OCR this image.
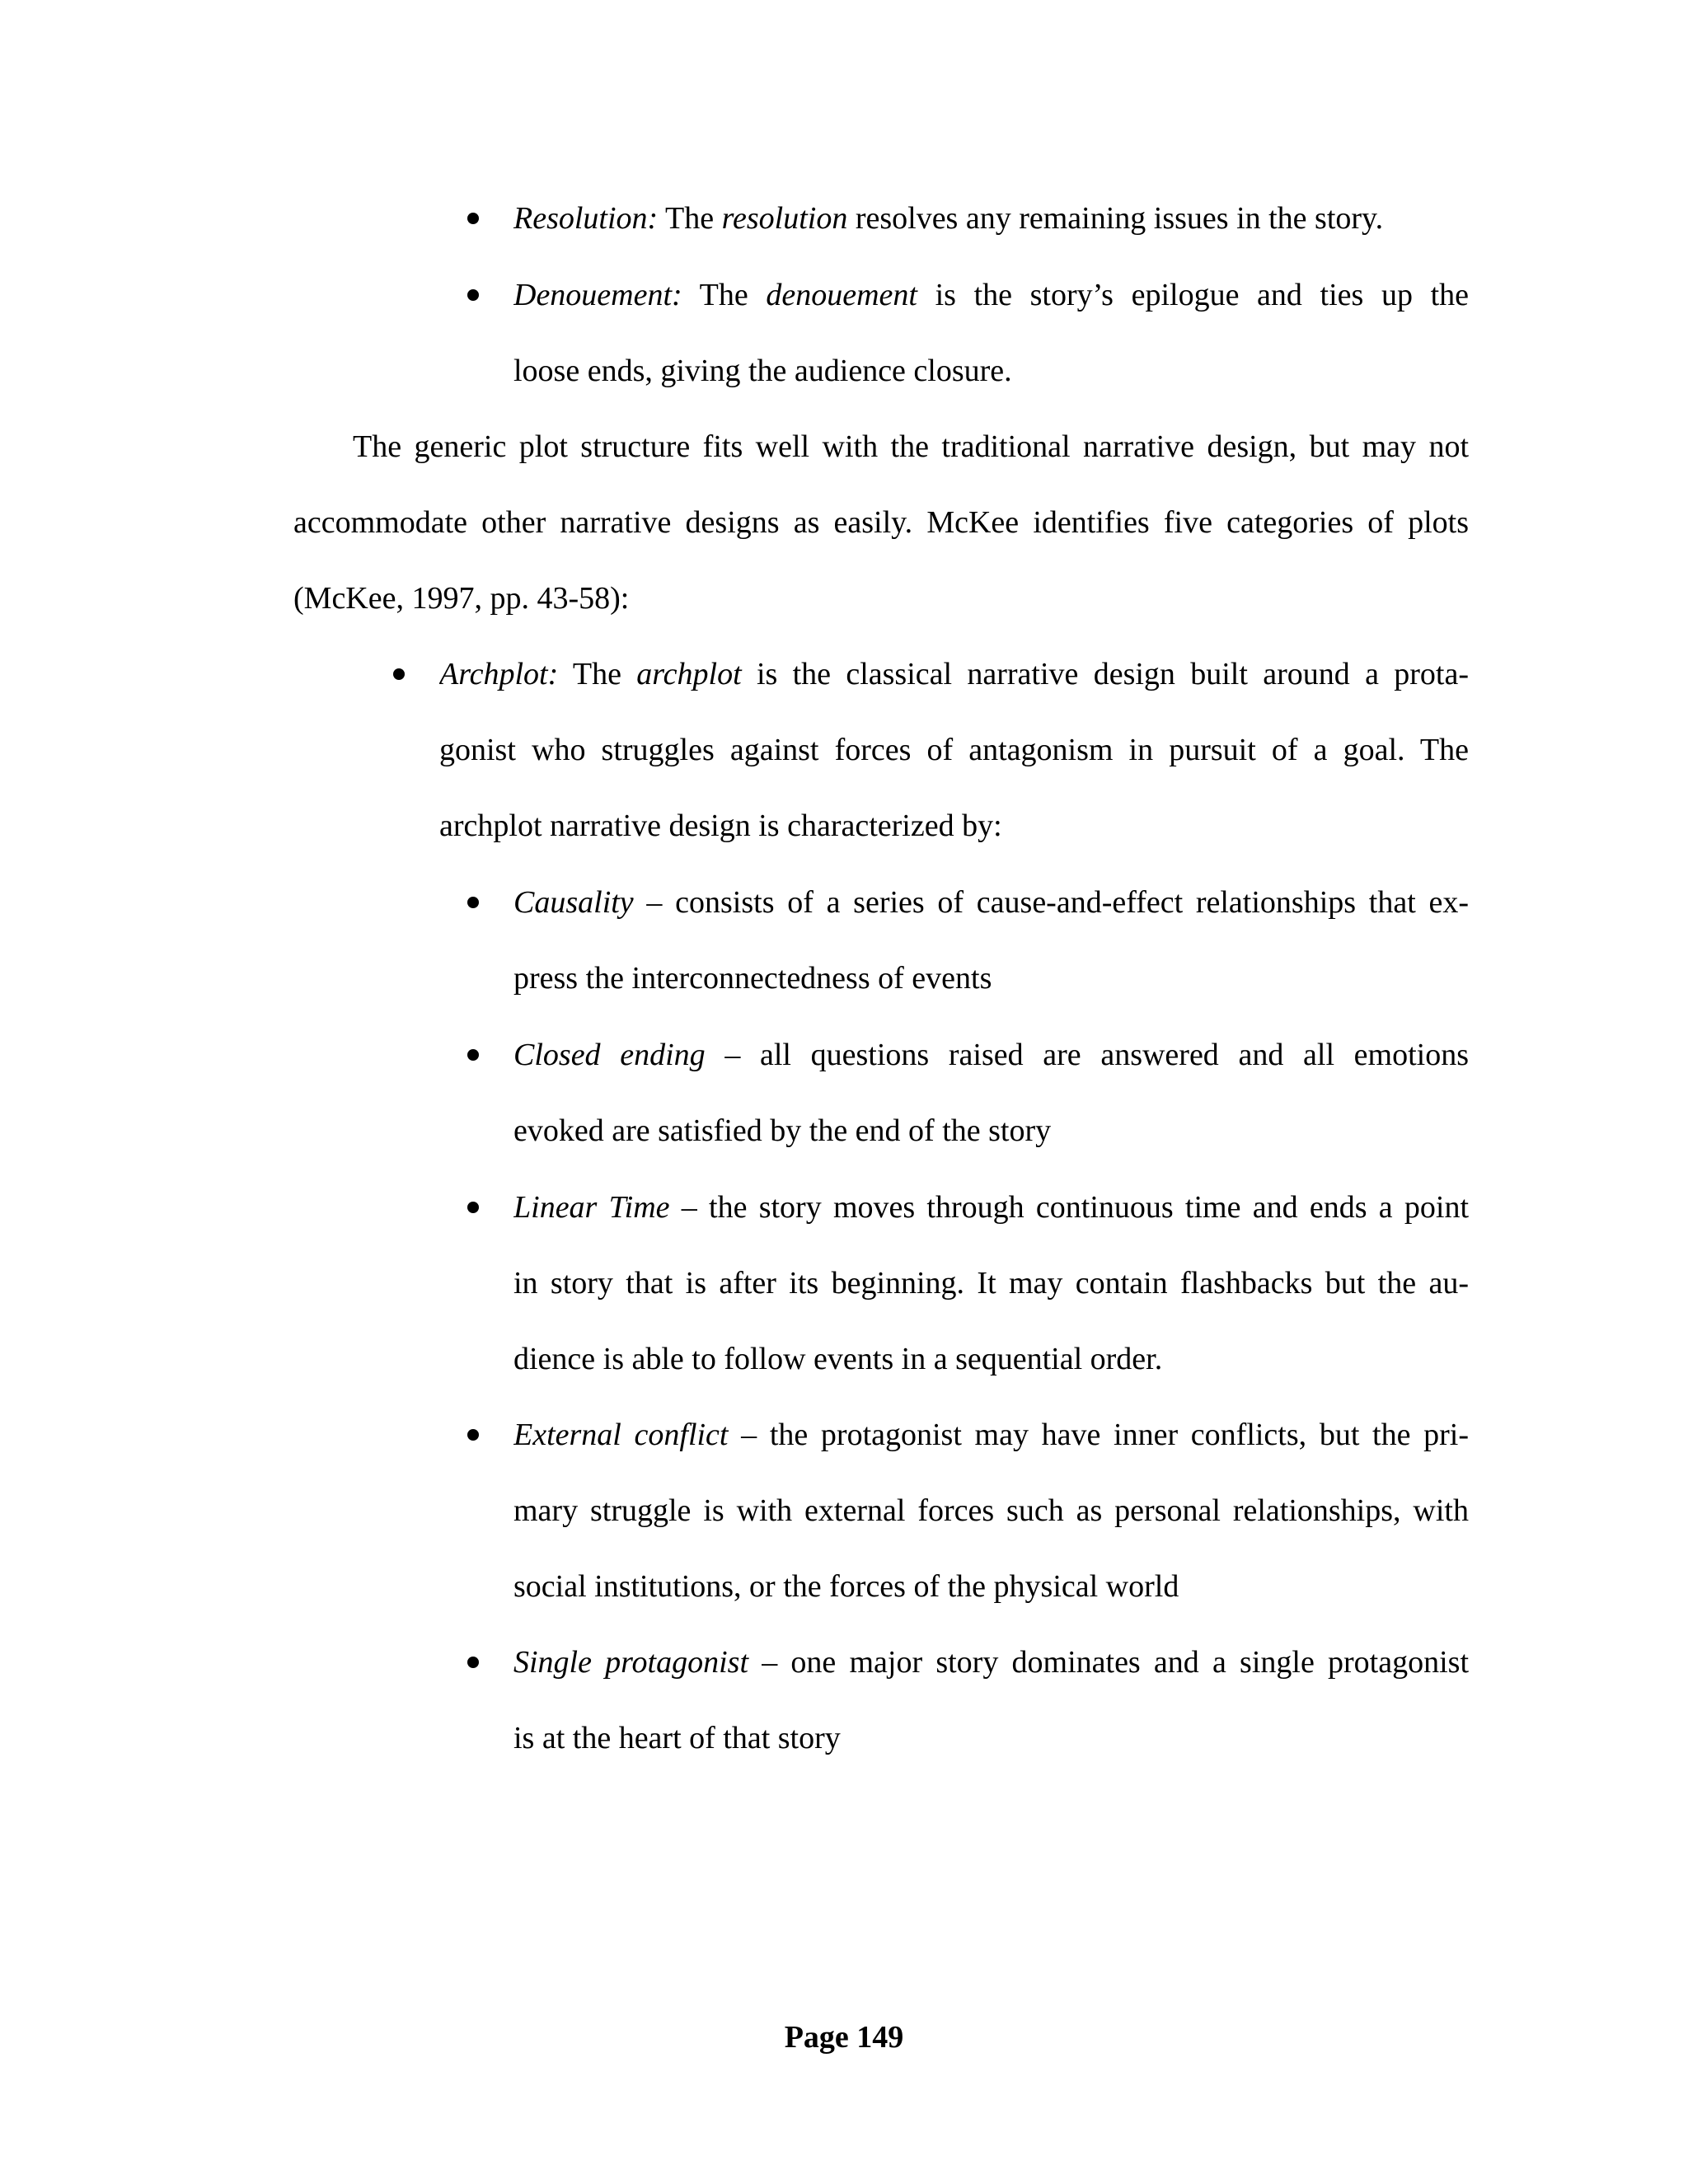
Resolution: The resolution resolves any remaining issues in the story.
Denouement: The denouement is the story’s epilogue and ties up the
loose ends, giving the audience closure.
The generic plot structure fits well with the traditional narrative design, but may not
accommodate other narrative designs as easily. McKee identifies five categories of plots
(McKee, 1997, pp. 43-58):
Archplot: The archplot is the classical narrative design built around a prota-
gonist who struggles against forces of antagonism in pursuit of a goal. The
archplot narrative design is characterized by:
Causality – consists of a series of cause-and-effect relationships that ex-
press the interconnectedness of events
Closed ending – all questions raised are answered and all emotions
evoked are satisfied by the end of the story
Linear Time – the story moves through continuous time and ends a point
in story that is after its beginning. It may contain flashbacks but the au-
dience is able to follow events in a sequential order.
External conflict – the protagonist may have inner conflicts, but the pri-
mary struggle is with external forces such as personal relationships, with
social institutions, or the forces of the physical world
Single protagonist – one major story dominates and a single protagonist
is at the heart of that story
Page 149
